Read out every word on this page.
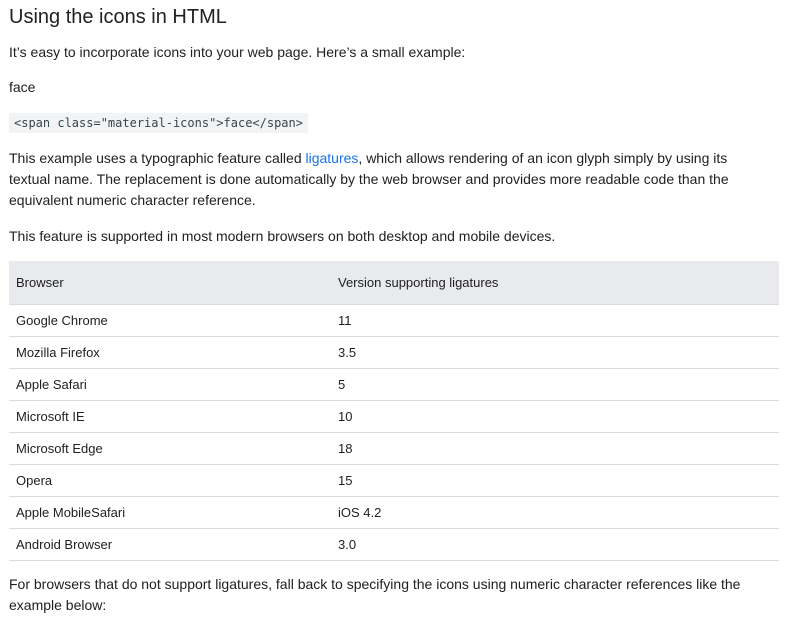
Using the icons in HTML

It’s easy to incorporate icons into your web page. Here’s a small example:

face

<span class="material-icons">face</span>

This example uses a typographic feature called ligatures, which allows rendering of an icon glyph simply by using its textual name. The replacement is done automatically by the web browser and provides more readable code than the equivalent numeric character reference.

This feature is supported in most modern browsers on both desktop and mobile devices.

Browser	Version supporting ligatures
Google Chrome	11
Mozilla Firefox	3.5
Apple Safari	5
Microsoft IE	10
Microsoft Edge	18
Opera	15
Apple MobileSafari	iOS 4.2
Android Browser	3.0

For browsers that do not support ligatures, fall back to specifying the icons using numeric character references like the example below:
